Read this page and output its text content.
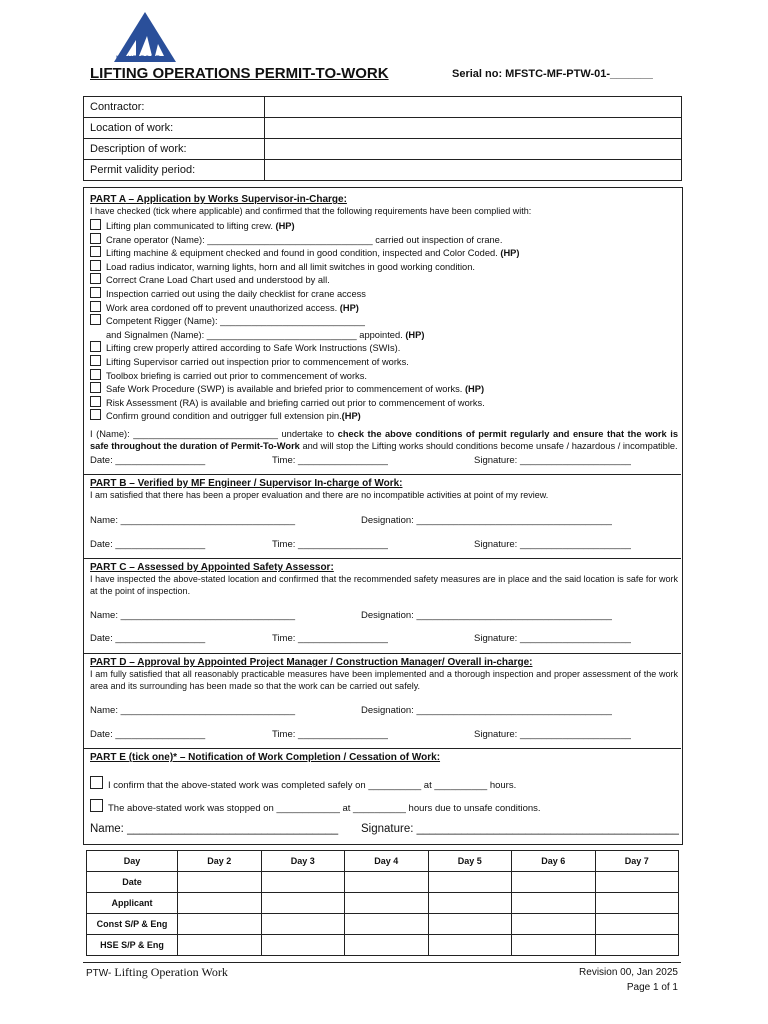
MONT FORT
LIFTING OPERATIONS PERMIT-TO-WORK	Serial no: MFSTC-MF-PTW-01-_______
Contractor:	
Location of work:	
Description of work:	
Permit validity period:	
PART A – Application by Works Supervisor-in-Charge:
I have checked (tick where applicable) and confirmed that the following requirements have been complied with:
Lifting plan communicated to lifting crew. (HP)
Crane operator (Name): ________________________________ carried out inspection of crane.
Lifting machine & equipment checked and found in good condition, inspected and Color Coded. (HP)
Load radius indicator, warning lights, horn and all limit switches in good working condition.
Correct Crane Load Chart used and understood by all.
Inspection carried out using the daily checklist for crane access
Work area cordoned off to prevent unauthorized access. (HP)
Competent Rigger (Name): ____________________________
and Signalmen (Name): _____________________________ appointed. (HP)
Lifting crew properly attired according to Safe Work Instructions (SWIs).
Lifting Supervisor carried out inspection prior to commencement of works.
Toolbox briefing is carried out prior to commencement of works.
Safe Work Procedure (SWP) is available and briefed prior to commencement of works. (HP)
Risk Assessment (RA) is available and briefing carried out prior to commencement of works.
Confirm ground condition and outrigger full extension pin.(HP)
I (Name): ____________________________ undertake to check the above conditions of permit regularly and ensure that the work is safe throughout the duration of Permit-To-Work and will stop the Lifting works should conditions become unsafe / hazardous / incompatible.
Date: _________________	Time: _________________	Signature: _____________________
PART B – Verified by MF Engineer / Supervisor In-charge of Work:
I am satisfied that there has been a proper evaluation and there are no incompatible activities at point of my review.
Name: _________________________________	Designation: _____________________________________
Date: _________________	Time: _________________	Signature: _____________________
PART C – Assessed by Appointed Safety Assessor:
I have inspected the above-stated location and confirmed that the recommended safety measures are in place and the said location is safe for work at the point of inspection.
Name: _________________________________	Designation: _____________________________________
Date: _________________	Time: _________________	Signature: _____________________
PART D – Approval by Appointed Project Manager / Construction Manager/ Overall in-charge:
I am fully satisfied that all reasonably practicable measures have been implemented and a thorough inspection and proper assessment of the work area and its surrounding has been made so that the work can be carried out safely.
Name: _________________________________	Designation: _____________________________________
Date: _________________	Time: _________________	Signature: _____________________
PART E (tick one)* – Notification of Work Completion / Cessation of Work:
I confirm that the above-stated work was completed safely on __________ at __________ hours.
The above-stated work was stopped on ____________ at __________ hours due to unsafe conditions.
Name: _________________________________ Signature: _________________________________________
Day	Day 2	Day 3	Day 4	Day 5	Day 6	Day 7
Date						
Applicant						
Const S/P & Eng						
HSE S/P & Eng						
PTW- Lifting Operation Work	Revision 00, Jan 2025
Page 1 of 1
